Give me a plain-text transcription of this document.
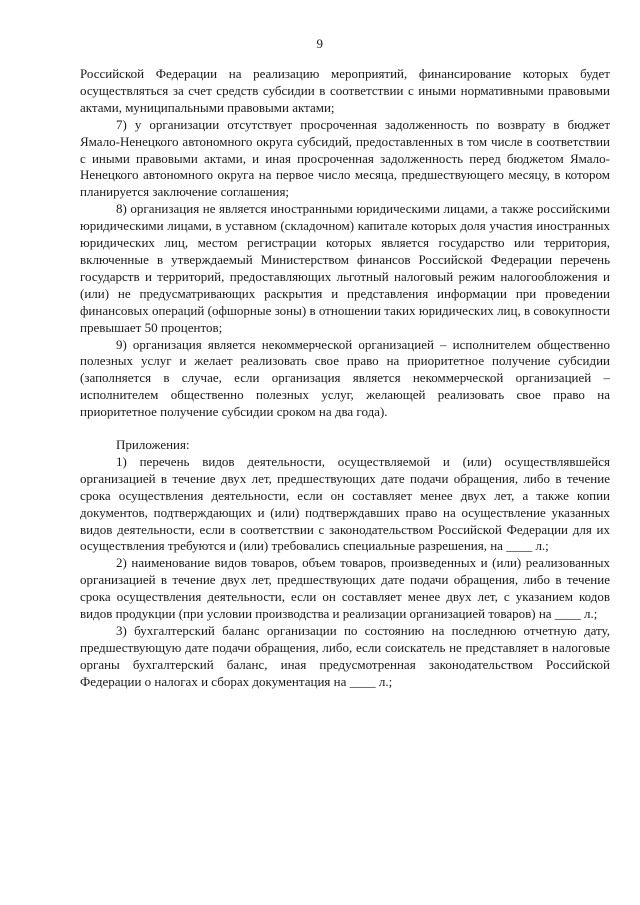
9

Российской Федерации на реализацию мероприятий, финансирование которых будет осуществляться за счет средств субсидии в соответствии с иными нормативными правовыми актами, муниципальными правовыми актами;

7) у организации отсутствует просроченная задолженность по возврату в бюджет Ямало-Ненецкого автономного округа субсидий, предоставленных в том числе в соответствии с иными правовыми актами, и иная просроченная задолженность перед бюджетом Ямало-Ненецкого автономного округа на первое число месяца, предшествующего месяцу, в котором планируется заключение соглашения;

8) организация не является иностранными юридическими лицами, а также российскими юридическими лицами, в уставном (складочном) капитале которых доля участия иностранных юридических лиц, местом регистрации которых является государство или территория, включенные в утверждаемый Министерством финансов Российской Федерации перечень государств и территорий, предоставляющих льготный налоговый режим налогообложения и (или) не предусматривающих раскрытия и представления информации при проведении финансовых операций (офшорные зоны) в отношении таких юридических лиц, в совокупности превышает 50 процентов;

9) организация является некоммерческой организацией – исполнителем общественно полезных услуг и желает реализовать свое право на приоритетное получение субсидии (заполняется в случае, если организация является некоммерческой организацией – исполнителем общественно полезных услуг, желающей реализовать свое право на приоритетное получение субсидии сроком на два года).

Приложения:

1) перечень видов деятельности, осуществляемой и (или) осуществлявшейся организацией в течение двух лет, предшествующих дате подачи обращения, либо в течение срока осуществления деятельности, если он составляет менее двух лет, а также копии документов, подтверждающих и (или) подтверждавших право на осуществление указанных видов деятельности, если в соответствии с законодательством Российской Федерации для их осуществления требуются и (или) требовались специальные разрешения, на ____ л.;

2) наименование видов товаров, объем товаров, произведенных и (или) реализованных организацией в течение двух лет, предшествующих дате подачи обращения, либо в течение срока осуществления деятельности, если он составляет менее двух лет, с указанием кодов видов продукции (при условии производства и реализации организацией товаров) на ____ л.;

3) бухгалтерский баланс организации по состоянию на последнюю отчетную дату, предшествующую дате подачи обращения, либо, если соискатель не представляет в налоговые органы бухгалтерский баланс, иная предусмотренная законодательством Российской Федерации о налогах и сборах документация на ____ л.;
